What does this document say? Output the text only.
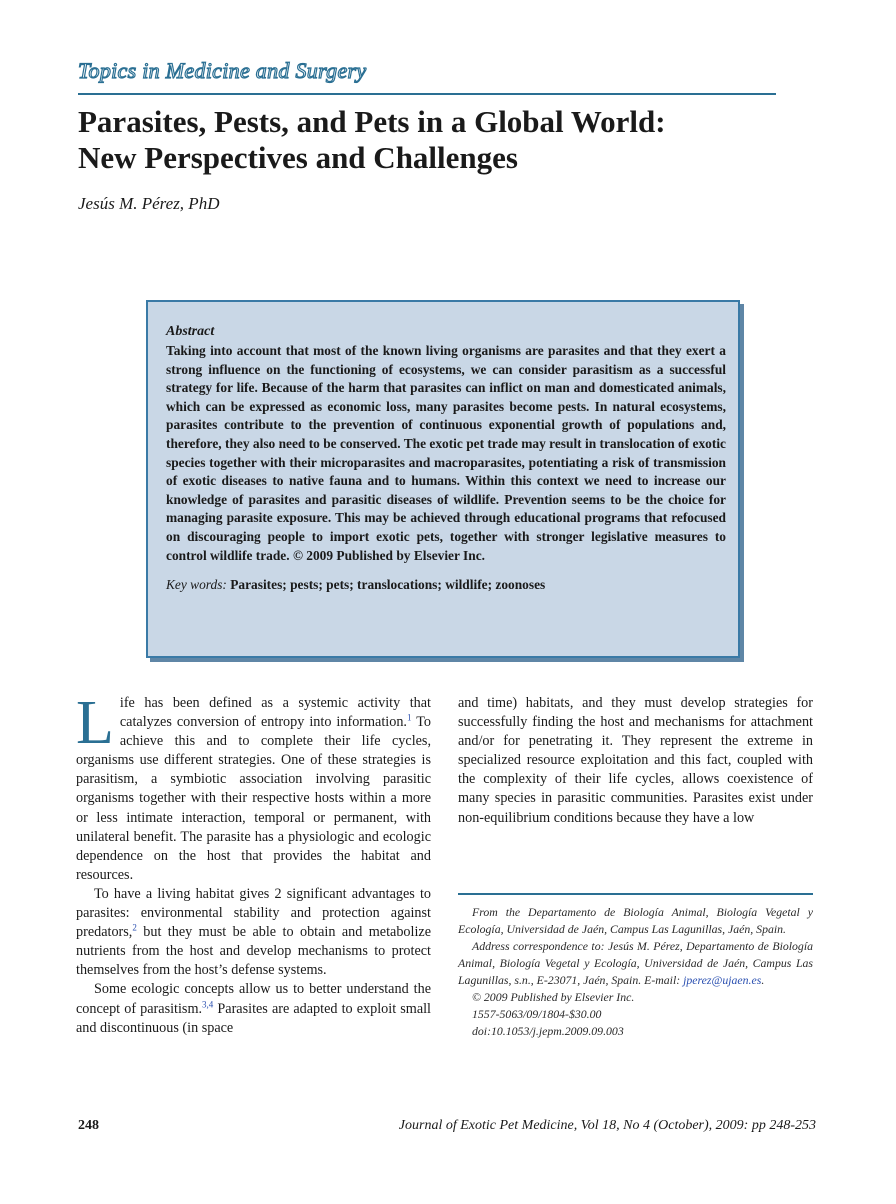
Topics in Medicine and Surgery
Parasites, Pests, and Pets in a Global World:
New Perspectives and Challenges
Jesús M. Pérez, PhD
Abstract
Taking into account that most of the known living organisms are parasites and that they exert a strong influence on the functioning of ecosystems, we can consider parasitism as a successful strategy for life. Because of the harm that parasites can inflict on man and domesticated animals, which can be expressed as economic loss, many parasites become pests. In natural ecosystems, parasites contribute to the prevention of continuous exponential growth of populations and, therefore, they also need to be conserved. The exotic pet trade may result in translocation of exotic species together with their microparasites and macroparasites, potentiating a risk of transmission of exotic diseases to native fauna and to humans. Within this context we need to increase our knowledge of parasites and parasitic diseases of wildlife. Prevention seems to be the choice for managing parasite exposure. This may be achieved through educational programs that refocused on discouraging people to import exotic pets, together with stronger legislative measures to control wildlife trade. © 2009 Published by Elsevier Inc.
Key words: Parasites; pests; pets; translocations; wildlife; zoonoses

Life has been defined as a systemic activity that catalyzes conversion of entropy into information.$^1$ To achieve this and to complete their life cycles, organisms use different strategies. One of these strategies is parasitism, a symbiotic association involving parasitic organisms together with their respective hosts within a more or less intimate interaction, temporal or permanent, with unilateral benefit. The parasite has a physiologic and ecologic dependence on the host that provides the habitat and resources.

To have a living habitat gives 2 significant advantages to parasites: environmental stability and protection against predators,$^2$ but they must be able to obtain and metabolize nutrients from the host and develop mechanisms to protect themselves from the host’s defense systems.

Some ecologic concepts allow us to better understand the concept of parasitism.$^{3,4}$ Parasites are adapted to exploit small and discontinuous (in space

and time) habitats, and they must develop strategies for successfully finding the host and mechanisms for attachment and/or for penetrating it. They represent the extreme in specialized resource exploitation and this fact, coupled with the complexity of their life cycles, allows coexistence of many species in parasitic communities. Parasites exist under non-equilibrium conditions because they have a low

From the Departamento de Biología Animal, Biología Vegetal y Ecología, Universidad de Jaén, Campus Las Lagunillas, Jaén, Spain.

Address correspondence to: Jesús M. Pérez, Departamento de Biología Animal, Biología Vegetal y Ecología, Universidad de Jaén, Campus Las Lagunillas, s.n., E-23071, Jaén, Spain. E-mail: jperez@ujaen.es.

© 2009 Published by Elsevier Inc.

1557-5063/09/1804-$30.00

doi:10.1053/j.jepm.2009.09.003

248	Journal of Exotic Pet Medicine, Vol 18, No 4 (October), 2009: pp 248-253
